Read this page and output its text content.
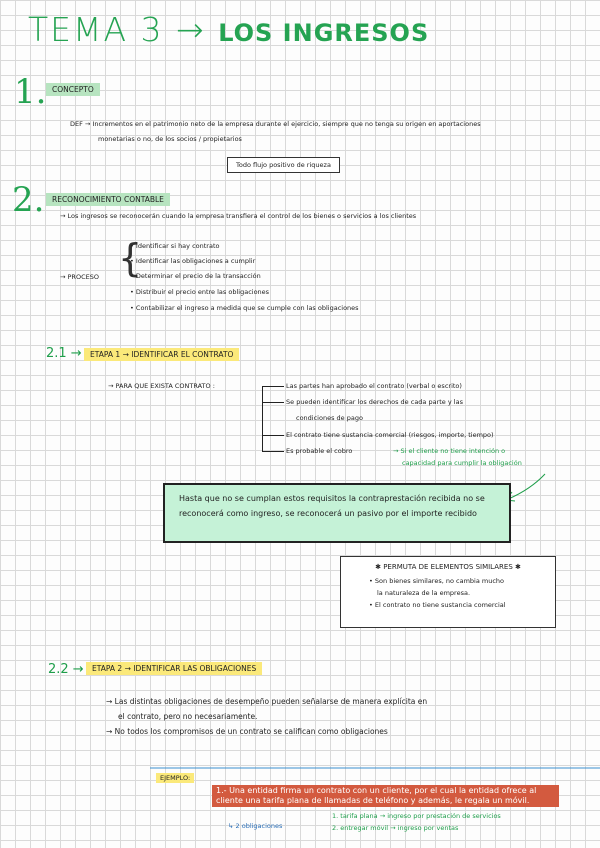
TEMA 3 → LOS INGRESOS
1. CONCEPTO
DEF → Incrementos en el patrimonio neto de la empresa durante el ejercicio, siempre que no tenga su origen en aportaciones
monetarias o no, de los socios / propietarios
Todo flujo positivo de riqueza
2.	RECONOCIMIENTO CONTABLE
→ Los ingresos se reconocerán cuando la empresa transfiera el control de los bienes o servicios a los clientes
→ PROCESO {
• Identificar si hay contrato
• Identificar las obligaciones a cumplir
• Determinar el precio de la transacción
• Distribuir el precio entre las obligaciones
• Contabilizar el ingreso a medida que se cumple con las obligaciones
2.1 →	ETAPA 1 → IDENTIFICAR EL CONTRATO
→ PARA QUE EXISTA CONTRATO :	Las partes han aprobado el contrato (verbal o escrito)
Se pueden identificar los derechos de cada parte y las
condiciones de pago
El contrato tiene sustancia comercial (riesgos, importe, tiempo)
Es probable el cobro	→ Si el cliente no tiene intención o
capacidad para cumplir la obligación
Hasta que no se cumplan estos requisitos la contraprestación recibida no se reconocerá como ingreso, se reconocerá un pasivo por el importe recibido
✱ PERMUTA DE ELEMENTOS SIMILARES ✱
• Son bienes similares, no cambia mucho
la naturaleza de la empresa.
• El contrato no tiene sustancia comercial
2.2 →	ETAPA 2 → IDENTIFICAR LAS OBLIGACIONES
→ Las distintas obligaciones de desempeño pueden señalarse de manera explícita en
el contrato, pero no necesariamente.
→ No todos los compromisos de un contrato se califican como obligaciones
EJEMPLO:
1.- Una entidad firma un contrato con un cliente, por el cual la entidad ofrece al cliente una tarifa plana de llamadas de teléfono y además, le regala un móvil.
↳ 2 obligaciones
1. tarifa plana → ingreso por prestación de servicios
2. entregar móvil → ingreso por ventas
